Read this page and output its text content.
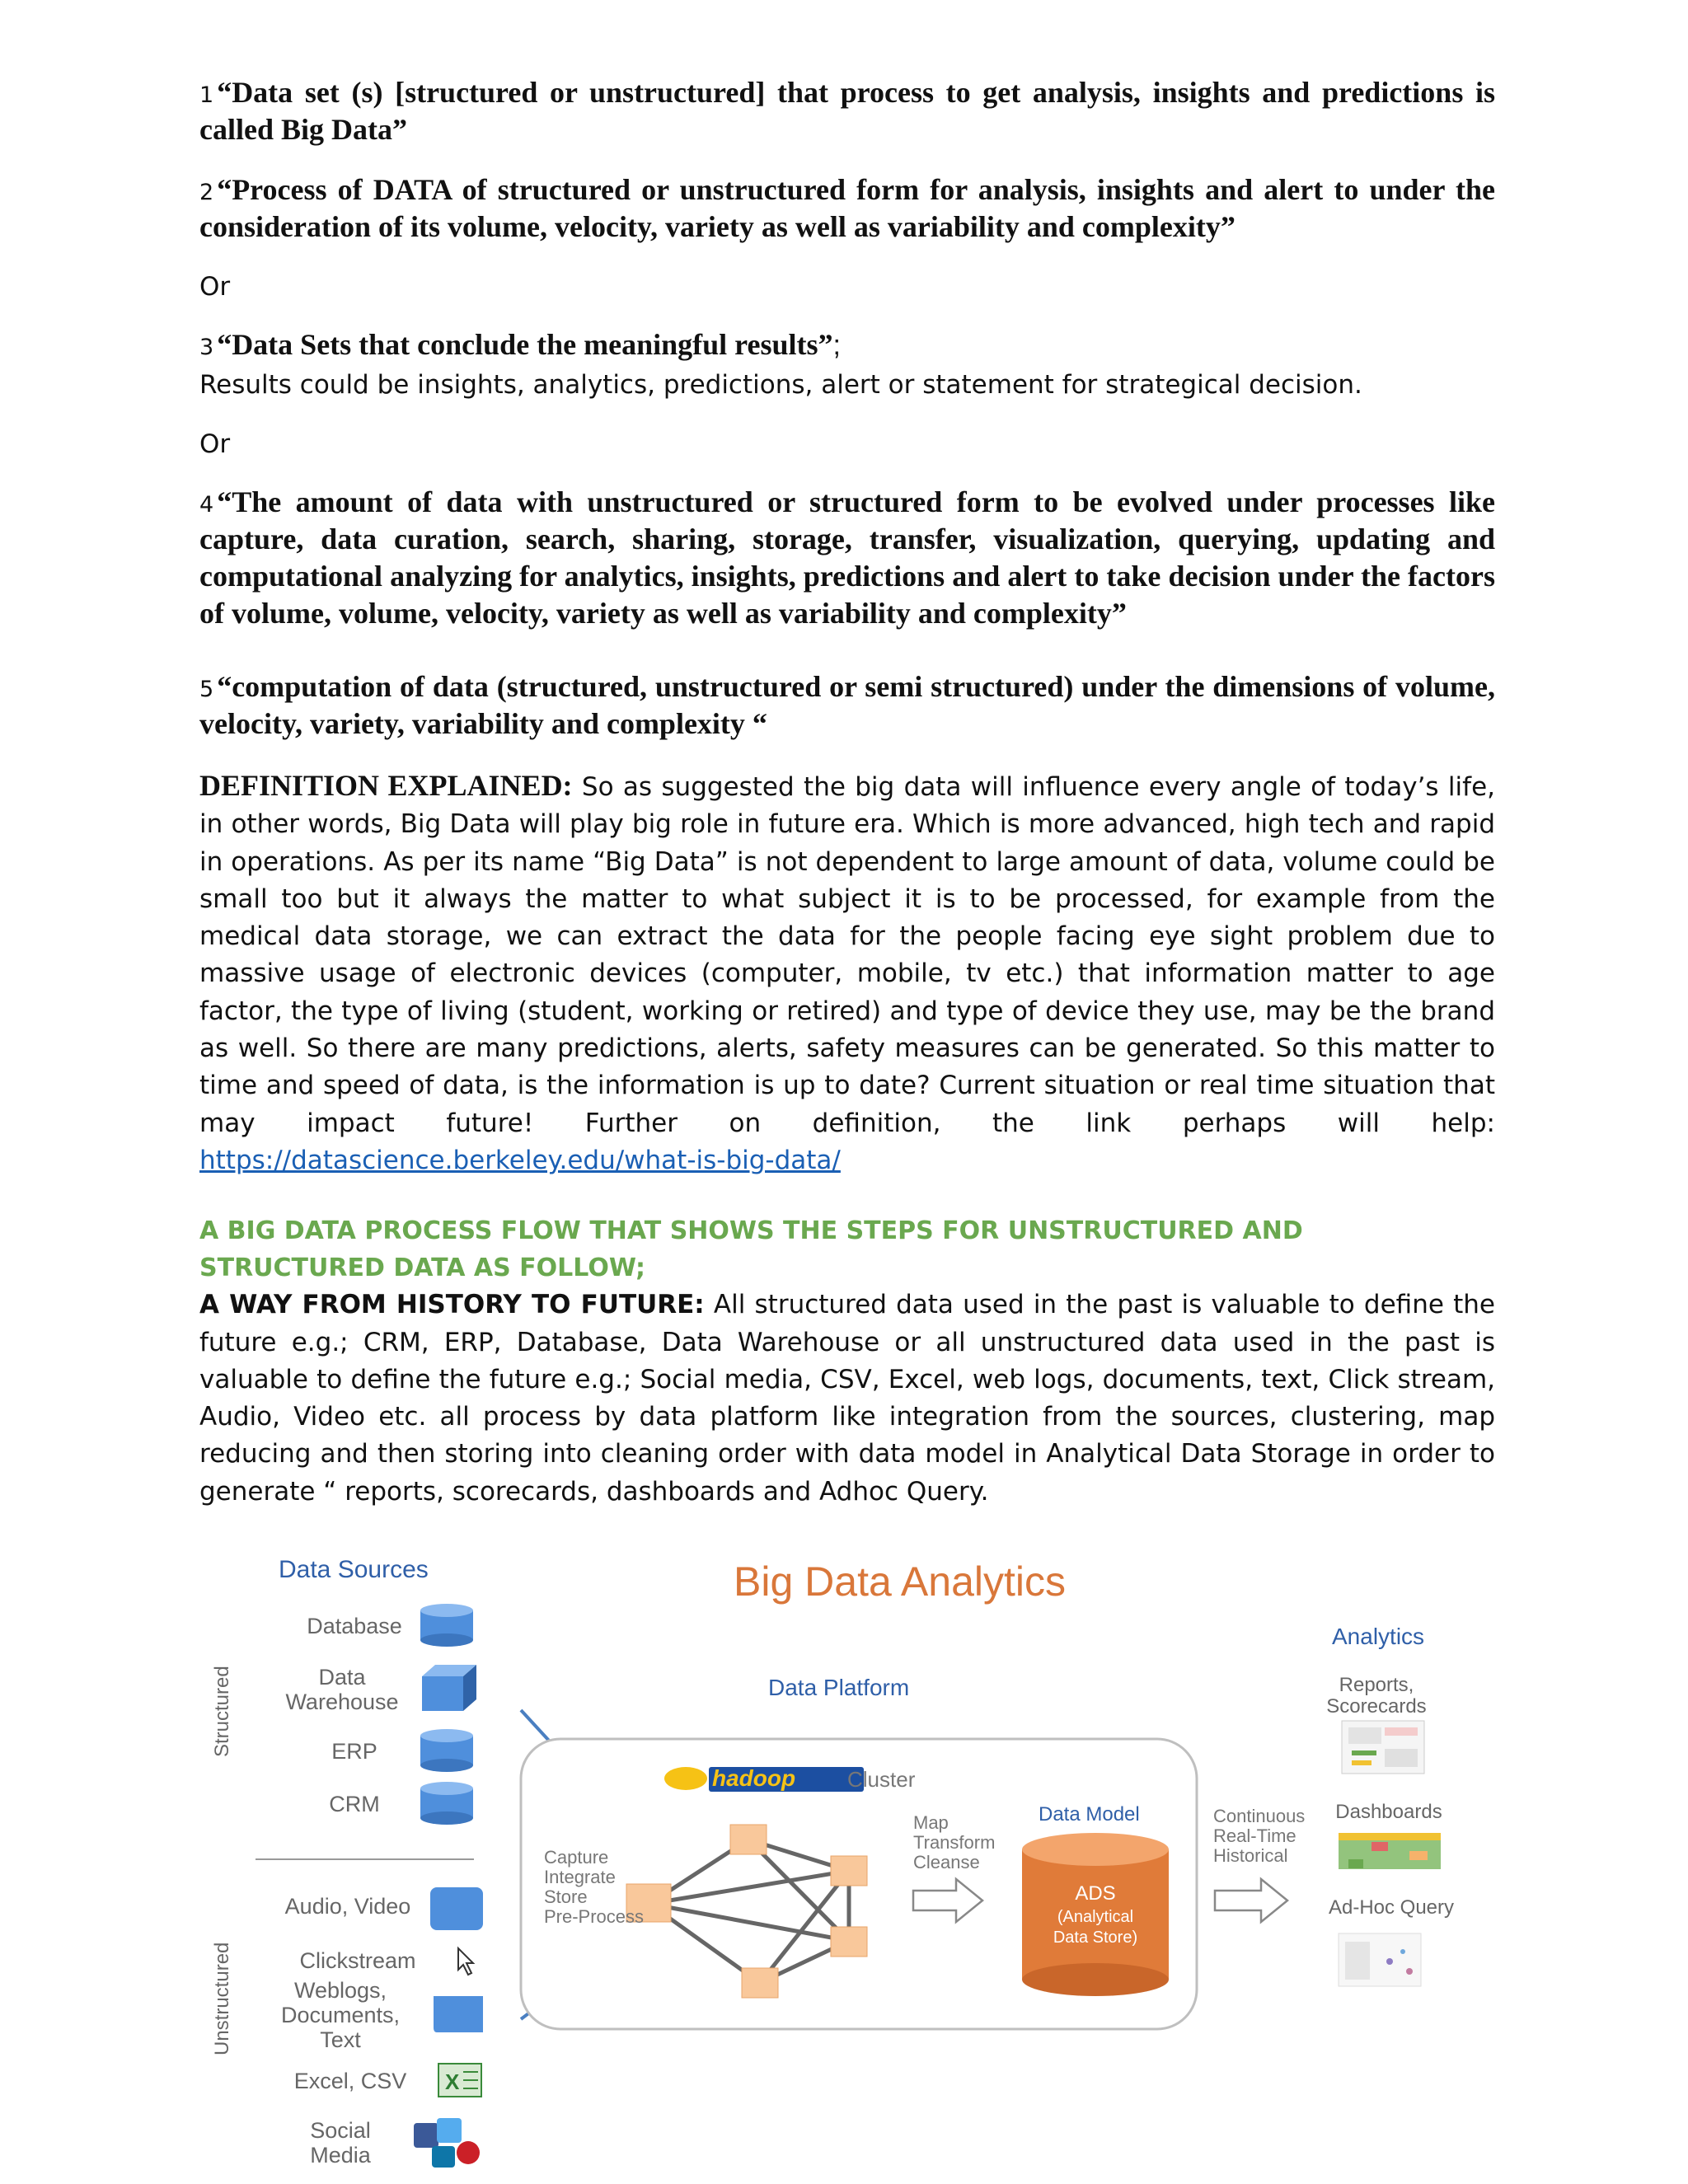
1 “Data set (s) [structured or unstructured] that process to get analysis, insights and predictions is called Big Data”

2 “Process of DATA of structured or unstructured form for analysis, insights and alert to under the consideration of its volume, velocity, variety as well as variability and complexity”

Or

3 “Data Sets that conclude the meaningful results”;

Results could be insights, analytics, predictions, alert or statement for strategical decision.

Or

4 “The amount of data with unstructured or structured form to be evolved under processes like capture, data curation, search, sharing, storage, transfer, visualization, querying, updating and computational analyzing for analytics, insights, predictions and alert to take decision under the factors of volume, volume, velocity, variety as well as variability and complexity”

5 “computation of data (structured, unstructured or semi structured) under the dimensions of volume, velocity, variety, variability and complexity “

DEFINITION EXPLAINED: So as suggested the big data will influence every angle of today’s life, in other words, Big Data will play big role in future era. Which is more advanced, high tech and rapid in operations. As per its name “Big Data” is not dependent to large amount of data, volume could be small too but it always the matter to what subject it is to be processed, for example from the medical data storage, we can extract the data for the people facing eye sight problem due to massive usage of electronic devices (computer, mobile, tv etc.) that information matter to age factor, the type of living (student, working or retired) and type of device they use, may be the brand as well. So there are many predictions, alerts, safety measures can be generated. So this matter to time and speed of data, is the information is up to date? Current situation or real time situation that may impact future! Further on definition, the link perhaps will help: https://datascience.berkeley.edu/what-is-big-data/

A BIG DATA PROCESS FLOW THAT SHOWS THE STEPS FOR UNSTRUCTURED AND STRUCTURED DATA AS FOLLOW;

A WAY FROM HISTORY TO FUTURE: All structured data used in the past is valuable to define the future e.g.; CRM, ERP, Database, Data Warehouse or all unstructured data used in the past is valuable to define the future e.g.; Social media, CSV, Excel, web logs, documents, text, Click stream, Audio, Video etc. all process by data platform like integration from the sources, clustering, map reducing and then storing into cleaning order with data model in Analytical Data Storage in order to generate “ reports, scorecards, dashboards and Adhoc Query.

X
Data Sources	Big Data Analytics
Structured
Unstructured
Database
Data
Warehouse
ERP
CRM
Audio, Video
Clickstream
Weblogs,
Documents,
Text
Excel, CSV
Social
Media
Data Platform
hadoop Cluster
Capture
Integrate
Store
Pre-Process
Map
Transform
Cleanse
Data Model
ADS
(Analytical
Data Store)
Continuous
Real-Time
Historical
Analytics
Reports,
Scorecards
Dashboards
Ad-Hoc Query
